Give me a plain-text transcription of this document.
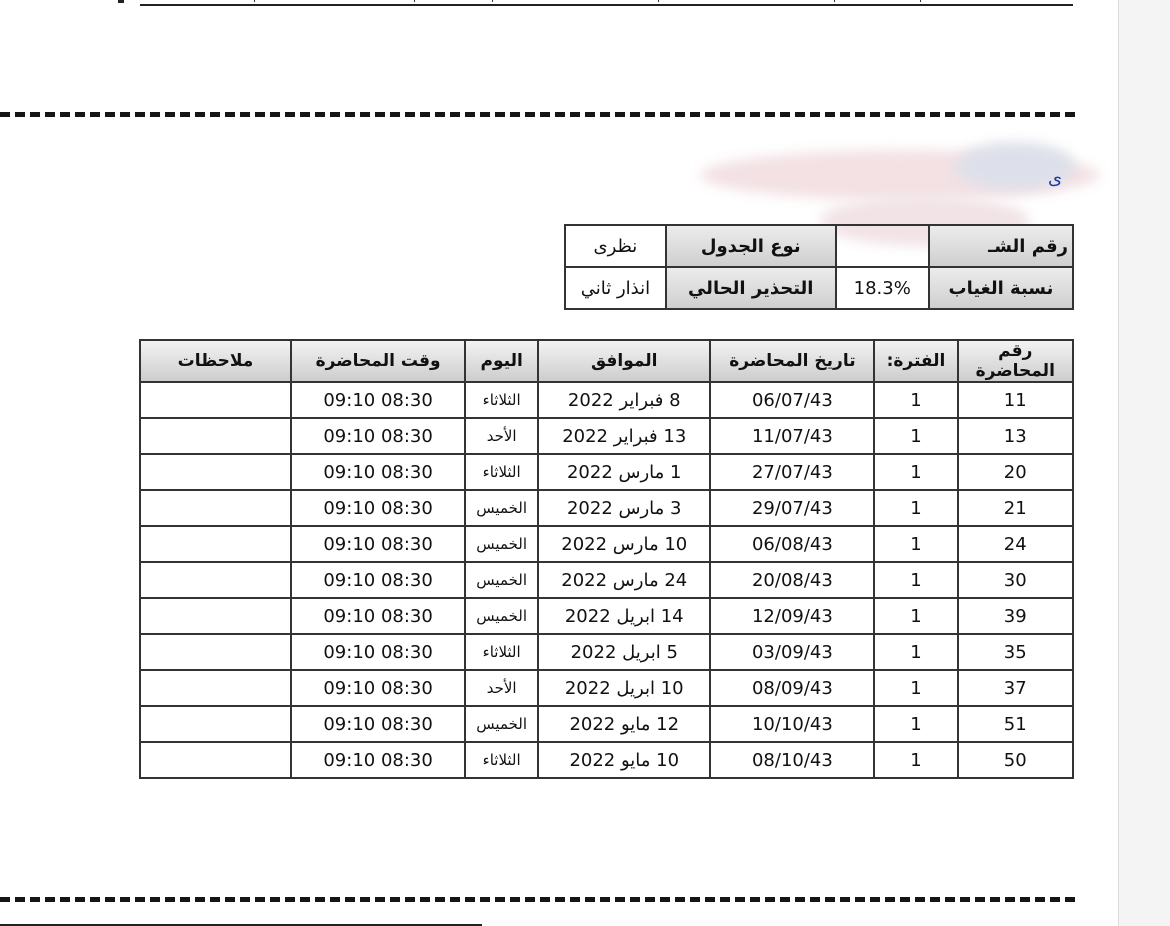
ى
رقم الشـ		نوع الجدول	نظرى
نسبة الغياب	18.3%	التحذير الحالي	انذار ثاني
رقم المحاضرة	الفترة:	تاريخ المحاضرة	الموافق	اليوم	وقت المحاضرة	ملاحظات
11	1	06/07/43	8 فبراير 2022	الثلاثاء	08:30 09:10	
13	1	11/07/43	13 فبراير 2022	الأحد	08:30 09:10	
20	1	27/07/43	1 مارس 2022	الثلاثاء	08:30 09:10	
21	1	29/07/43	3 مارس 2022	الخميس	08:30 09:10	
24	1	06/08/43	10 مارس 2022	الخميس	08:30 09:10	
30	1	20/08/43	24 مارس 2022	الخميس	08:30 09:10	
39	1	12/09/43	14 ابريل 2022	الخميس	08:30 09:10	
35	1	03/09/43	5 ابريل 2022	الثلاثاء	08:30 09:10	
37	1	08/09/43	10 ابريل 2022	الأحد	08:30 09:10	
51	1	10/10/43	12 مايو 2022	الخميس	08:30 09:10	
50	1	08/10/43	10 مايو 2022	الثلاثاء	08:30 09:10	
